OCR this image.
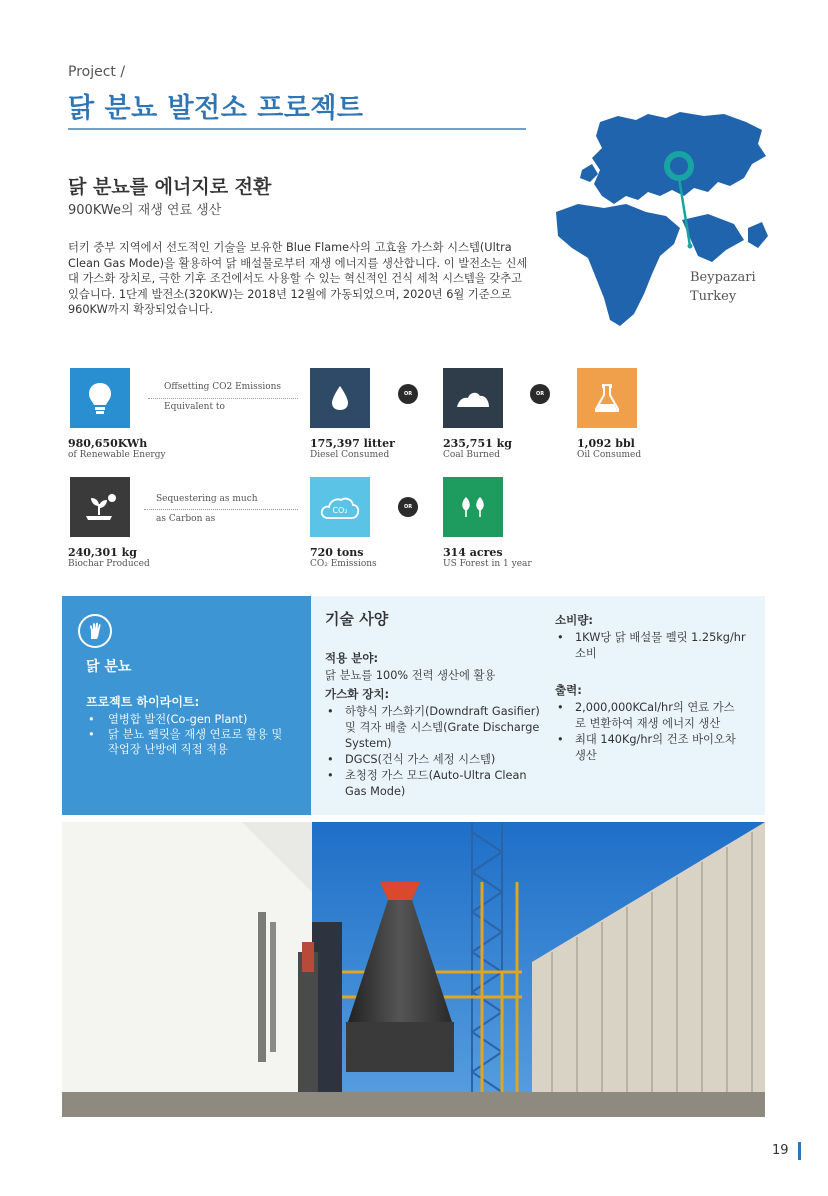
Project /
닭 분뇨 발전소 프로젝트
닭 분뇨를 에너지로 전환
900KWe의 재생 연료 생산
터키 중부 지역에서 선도적인 기술을 보유한 Blue Flame사의 고효율 가스화 시스템(Ultra Clean Gas Mode)을 활용하여 닭 배설물로부터 재생 에너지를 생산합니다. 이 발전소는 신세대 가스화 장치로, 극한 기후 조건에서도 사용할 수 있는 혁신적인 건식 세척 시스템을 갖추고 있습니다. 1단계 발전소(320KW)는 2018년 12월에 가동되었으며, 2020년 6월 기준으로 960KW까지 확장되었습니다.
Beypazari
Turkey
Offsetting CO2 Emissions
Equivalent to
980,650KWh
of Renewable Energy
OR
175,397 litter
Diesel Consumed
OR
235,751 kg
Coal Burned
1,092 bbl
Oil Consumed
Sequestering as much
as Carbon as
240,301 kg
Biochar Produced
CO₂	OR
720 tons
CO₂ Emissions
314 acres
US Forest in 1 year
닭 분뇨
프로젝트 하이라이트:
• 열병합 발전(Co-gen Plant)
• 닭 분뇨 펠릿을 재생 연료로 활용 및 작업장 난방에 직접 적용
기술 사양
적용 분야:
닭 분뇨를 100% 전력 생산에 활용
가스화 장치:
• 하향식 가스화기(Downdraft Gasifier) 및 격자 배출 시스템(Grate Discharge System)
• DGCS(건식 가스 세정 시스템)
• 초청정 가스 모드(Auto-Ultra Clean Gas Mode)
소비량:
• 1KW당 닭 배설물 펠릿 1.25kg/hr 소비
출력:
• 2,000,000KCal/hr의 연료 가스로 변환하여 재생 에너지 생산
• 최대 140Kg/hr의 건조 바이오차 생산
19
